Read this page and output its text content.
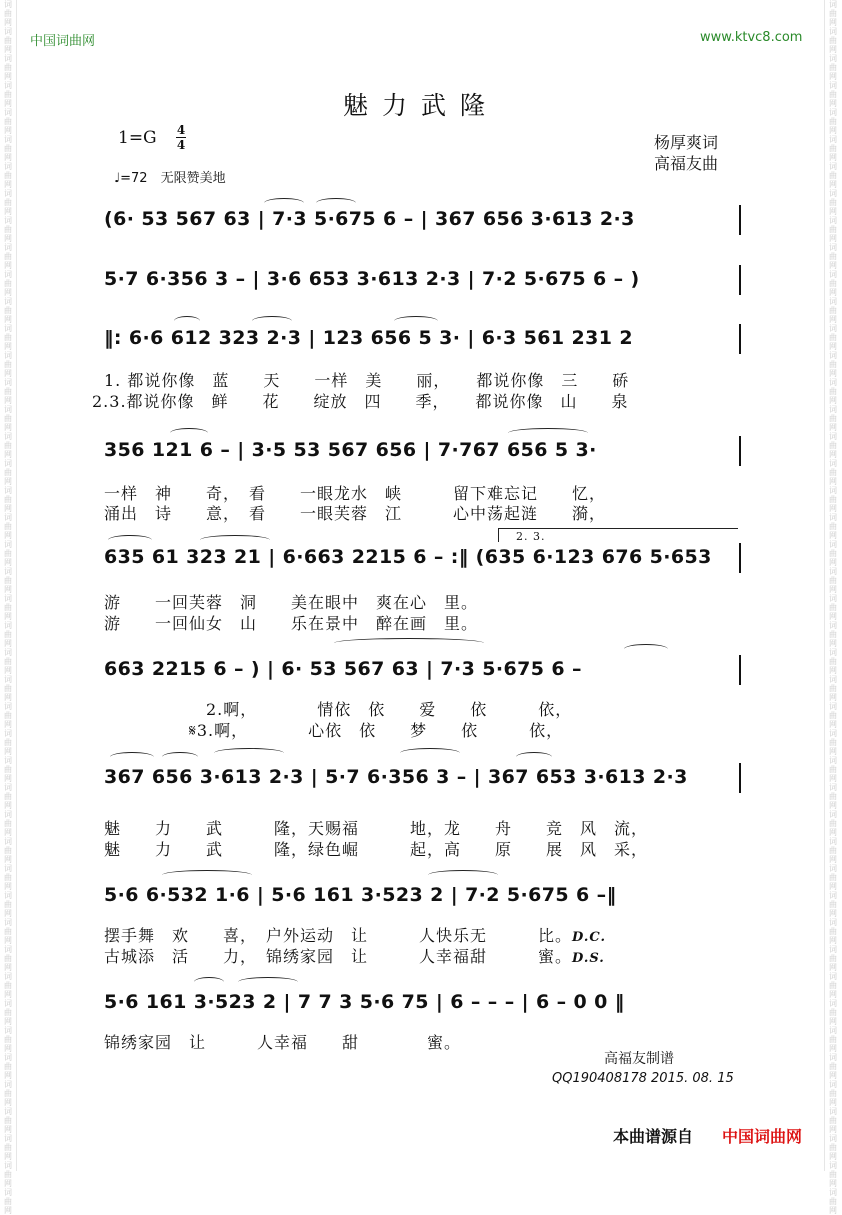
词曲网词曲网词曲网词曲网词曲网词曲网词曲网词曲网词曲网词曲网词曲网词曲网词曲网词曲网词曲网词曲网词曲网词曲网词曲网词曲网词曲网词曲网词曲网词曲网词曲网词曲网词曲网词曲网词曲网词曲网词曲网词曲网词曲网词曲网词曲网词曲网词曲网词曲网词曲网词曲网词曲网词曲网词曲网词曲网词曲网
词曲网词曲网词曲网词曲网词曲网词曲网词曲网词曲网词曲网词曲网词曲网词曲网词曲网词曲网词曲网词曲网词曲网词曲网词曲网词曲网词曲网词曲网词曲网词曲网词曲网词曲网词曲网词曲网词曲网词曲网词曲网词曲网词曲网词曲网词曲网词曲网词曲网词曲网词曲网词曲网词曲网词曲网词曲网词曲网词曲网
中国词曲网	www.ktvc8.com
魅力武隆
1=G 4
4
♩=72　无限赞美地
杨厚爽词
高福友曲
(6· 53 567 63 | 7·3 5·675 6 – | 367 656 3·613 2·3
5·7 6·356 3 – | 3·6 653 3·613 2·3 | 7·2 5·675 6 – )
‖: 6·6 612 323 2·3 | 123 656 5 3· | 6·3 561 231 2
1. 都说你像　蓝　　天　　一样　美　　丽，　　都说你像　三　　硚
2.3.都说你像　鲜　　花　　绽放　四　　季，　　都说你像　山　　泉
356 121 6 – | 3·5 53 567 656 | 7·767 656 5 3·
一样　神　　奇，　看　　一眼龙水　峡　　　留下难忘记　　忆，
涌出　诗　　意，　看　　一眼芙蓉　江　　　心中荡起涟　　漪，
2. 3.
635 61 323 21 | 6·663 2215 6 – :‖ (635 6·123 676 5·653
游　　一回芙蓉　洞　　美在眼中　爽在心　里。
游　　一回仙女　山　　乐在景中　醉在画　里。
663 2215 6 – ) | 6· 53 567 63 | 7·3 5·675 6 –
　　　　　　2.啊，　　　　情依　依　　爱　　依　　　依，
　　　　　𝄋3.啊，　　　　心依　依　　梦　　依　　　依，
367 656 3·613 2·3 | 5·7 6·356 3 – | 367 653 3·613 2·3
魅　　力　　武　　　隆，天赐福　　　地，龙　　舟　　竞　风　流，
魅　　力　　武　　　隆，绿色崛　　　起，高　　原　　展　风　采，
5·6 6·532 1·6 | 5·6 161 3·523 2 | 7·2 5·675 6 –‖
摆手舞　欢　　喜，　户外运动　让　　　人快乐无　　　比。D.C.
古城添　活　　力，　锦绣家园　让　　　人幸福甜　　　蜜。D.S.
5·6 161 3·523 2 | 7 7 3 5·6 75 | 6 – – – | 6 – 0 0 ‖
锦绣家园　让　　　人幸福　　甜　　　　蜜。
高福友制谱
QQ190408178 2015. 08. 15
本曲谱源自 中国词曲网
